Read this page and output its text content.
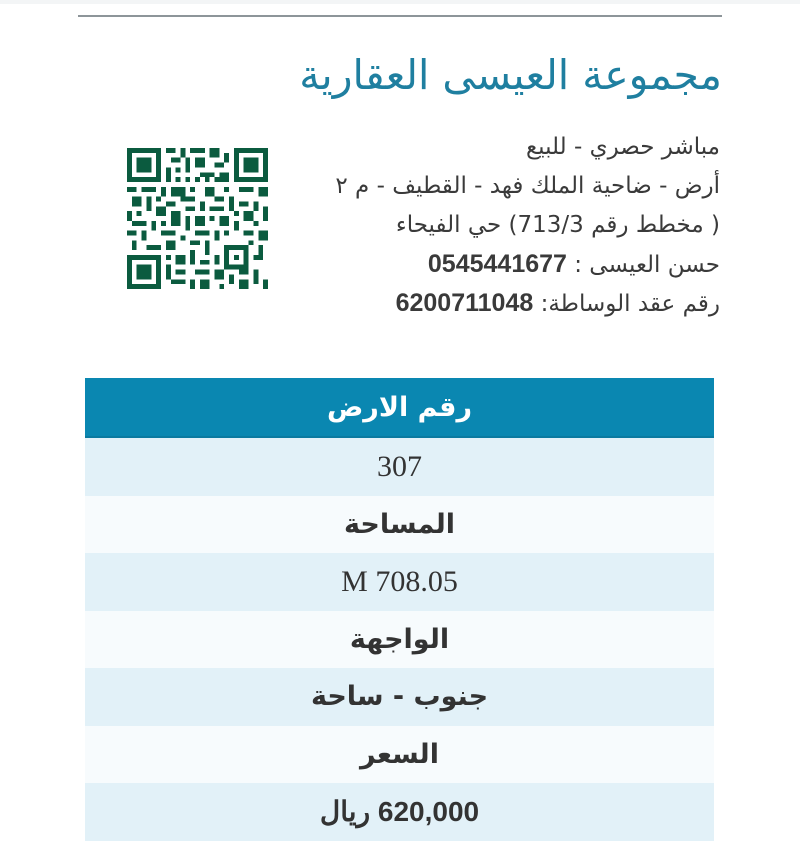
مجموعة العيسى العقارية
مباشر حصري - للبيع
أرض - ضاحية الملك فهد - القطيف - م ٢
( مخطط رقم 713/3) حي الفيحاء
حسن العيسى : 0545441677
رقم عقد الوساطة: 6200711048
رقم الارض
307
المساحة
M 708.05
الواجهة
جنوب - ساحة
السعر
620,000 ريال
